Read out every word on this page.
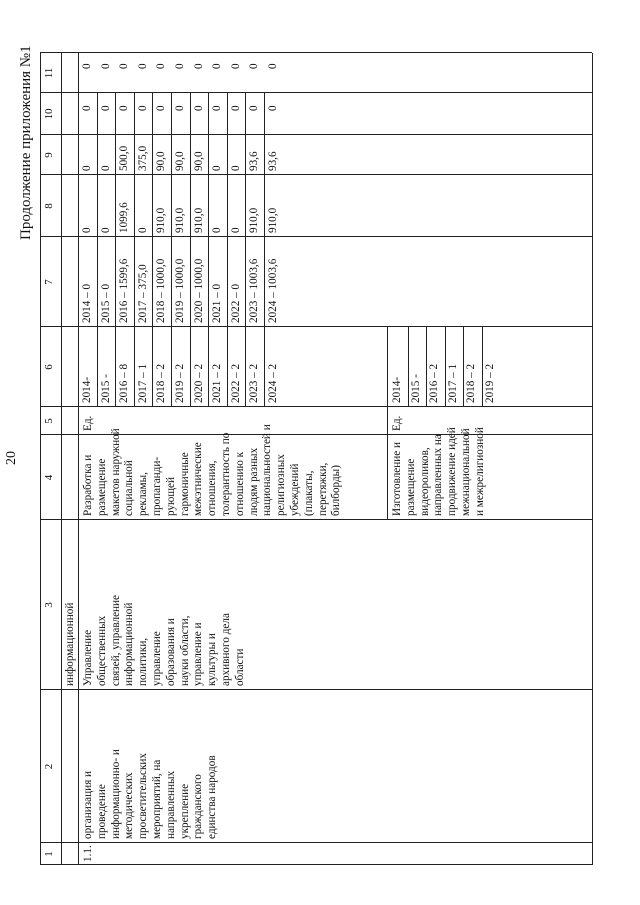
20
Продолжение приложения №1
1
2
3
4
5
6
7
8
9
10
11
1.1.
информационной
организация и проведение информационно- и методических просветительских мероприятий, на направленных укрепление гражданского единства народов
Управление общественных связей, управление информационной политики, управление образования и науки области, управление и культуры и архивного дела области
Разработка и размещение макетов наружной социальной рекламы, пропаганди- рующей гармоничные межэтнические отношения, толерантность по отношению к людям разных национальностей и религиозных убеждений (плакаты, перетяжки, билборды)
Ед.
2014- 2015 - 2016 – 8 2017 – 1 2018 – 2 2019 – 2 2020 – 2 2021 – 2 2022 – 2 2023 – 2 2024 – 2
2014 – 0 2015 – 0 2016 – 1599,6 2017 – 375,0 2018 – 1000,0 2019 – 1000,0 2020 – 1000,0 2021 – 0 2022 – 0 2023 – 1003,6 2024 – 1003,6
0 0 1099,6 0 910,0 910,0 910,0 0 0 910,0 910,0
0 0 500,0 375,0 90,0 90,0 90,0 0 0 93,6 93,6
0 0 0 0 0 0 0 0 0 0 0
0 0 0 0 0 0 0 0 0 0 0
Изготовление и размещение видеороликов, направленных на продвижение идей межнациональной и межрелигиозной
Ед.
2014- 2015 - 2016 – 2 2017 – 1 2018 – 2 2019 – 2
